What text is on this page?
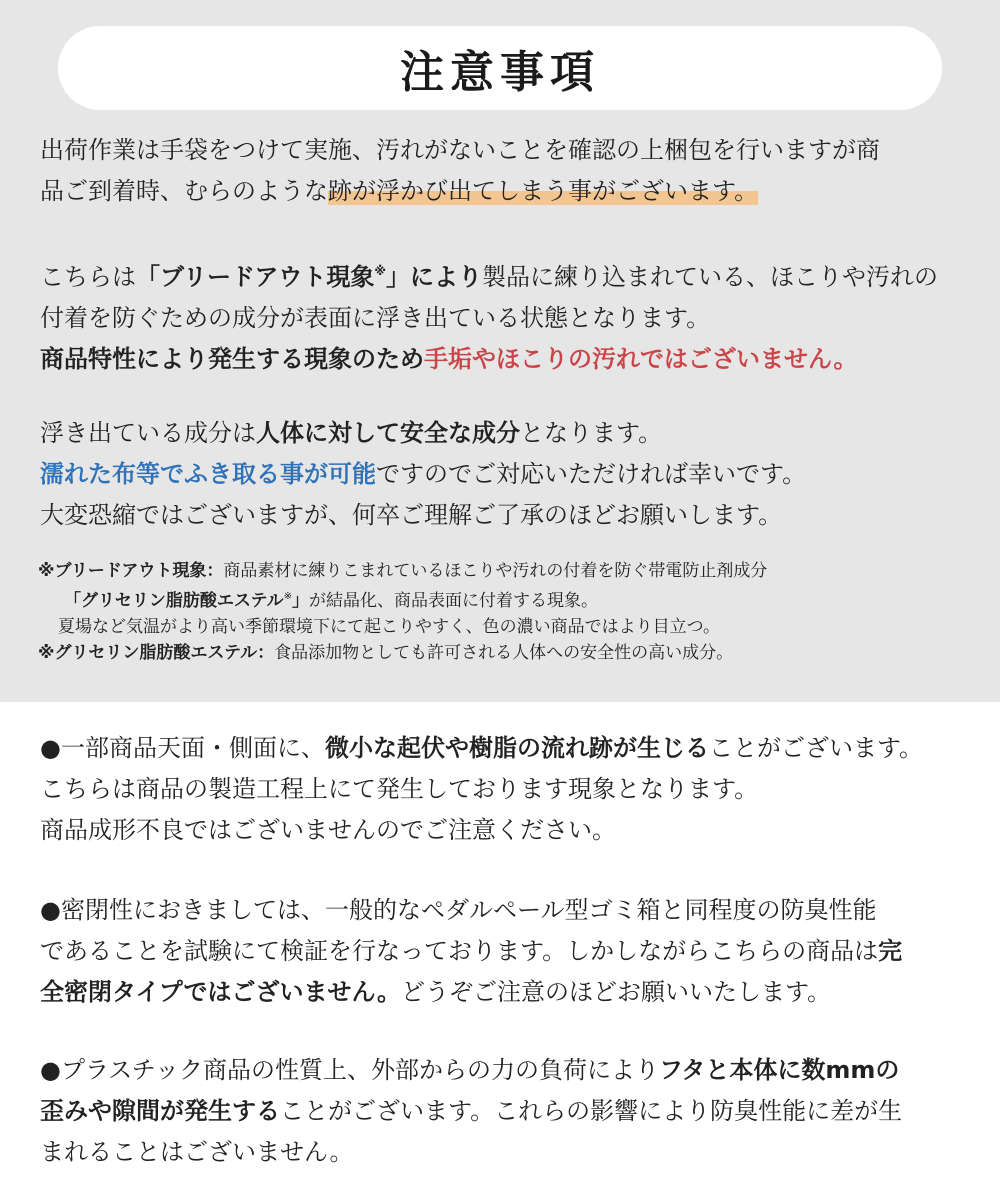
注意事項
出荷作業は手袋をつけて実施、汚れがないことを確認の上梱包を行いますが商
品ご到着時、むらのような跡が浮かび出てしまう事がございます。
こちらは「ブリードアウト現象※」により製品に練り込まれている、ほこりや汚れの
付着を防ぐための成分が表面に浮き出ている状態となります。
商品特性により発生する現象のため手垢やほこりの汚れではございません。
浮き出ている成分は人体に対して安全な成分となります。
濡れた布等でふき取る事が可能ですのでご対応いただければ幸いです。
大変恐縮ではございますが、何卒ご理解ご了承のほどお願いします。
※ブリードアウト現象：商品素材に練りこまれているほこりや汚れの付着を防ぐ帯電防止剤成分
「グリセリン脂肪酸エステル※」が結晶化、商品表面に付着する現象。
夏場など気温がより高い季節環境下にて起こりやすく、色の濃い商品ではより目立つ。
※グリセリン脂肪酸エステル：食品添加物としても許可される人体への安全性の高い成分。
●一部商品天面・側面に、微小な起伏や樹脂の流れ跡が生じることがございます。
こちらは商品の製造工程上にて発生しております現象となります。
商品成形不良ではございませんのでご注意ください。
●密閉性におきましては、一般的なペダルペール型ゴミ箱と同程度の防臭性能
であることを試験にて検証を行なっております。しかしながらこちらの商品は完
全密閉タイプではございません。どうぞご注意のほどお願いいたします。
●プラスチック商品の性質上、外部からの力の負荷によりフタと本体に数mmの
歪みや隙間が発生することがございます。これらの影響により防臭性能に差が生
まれることはございません。
